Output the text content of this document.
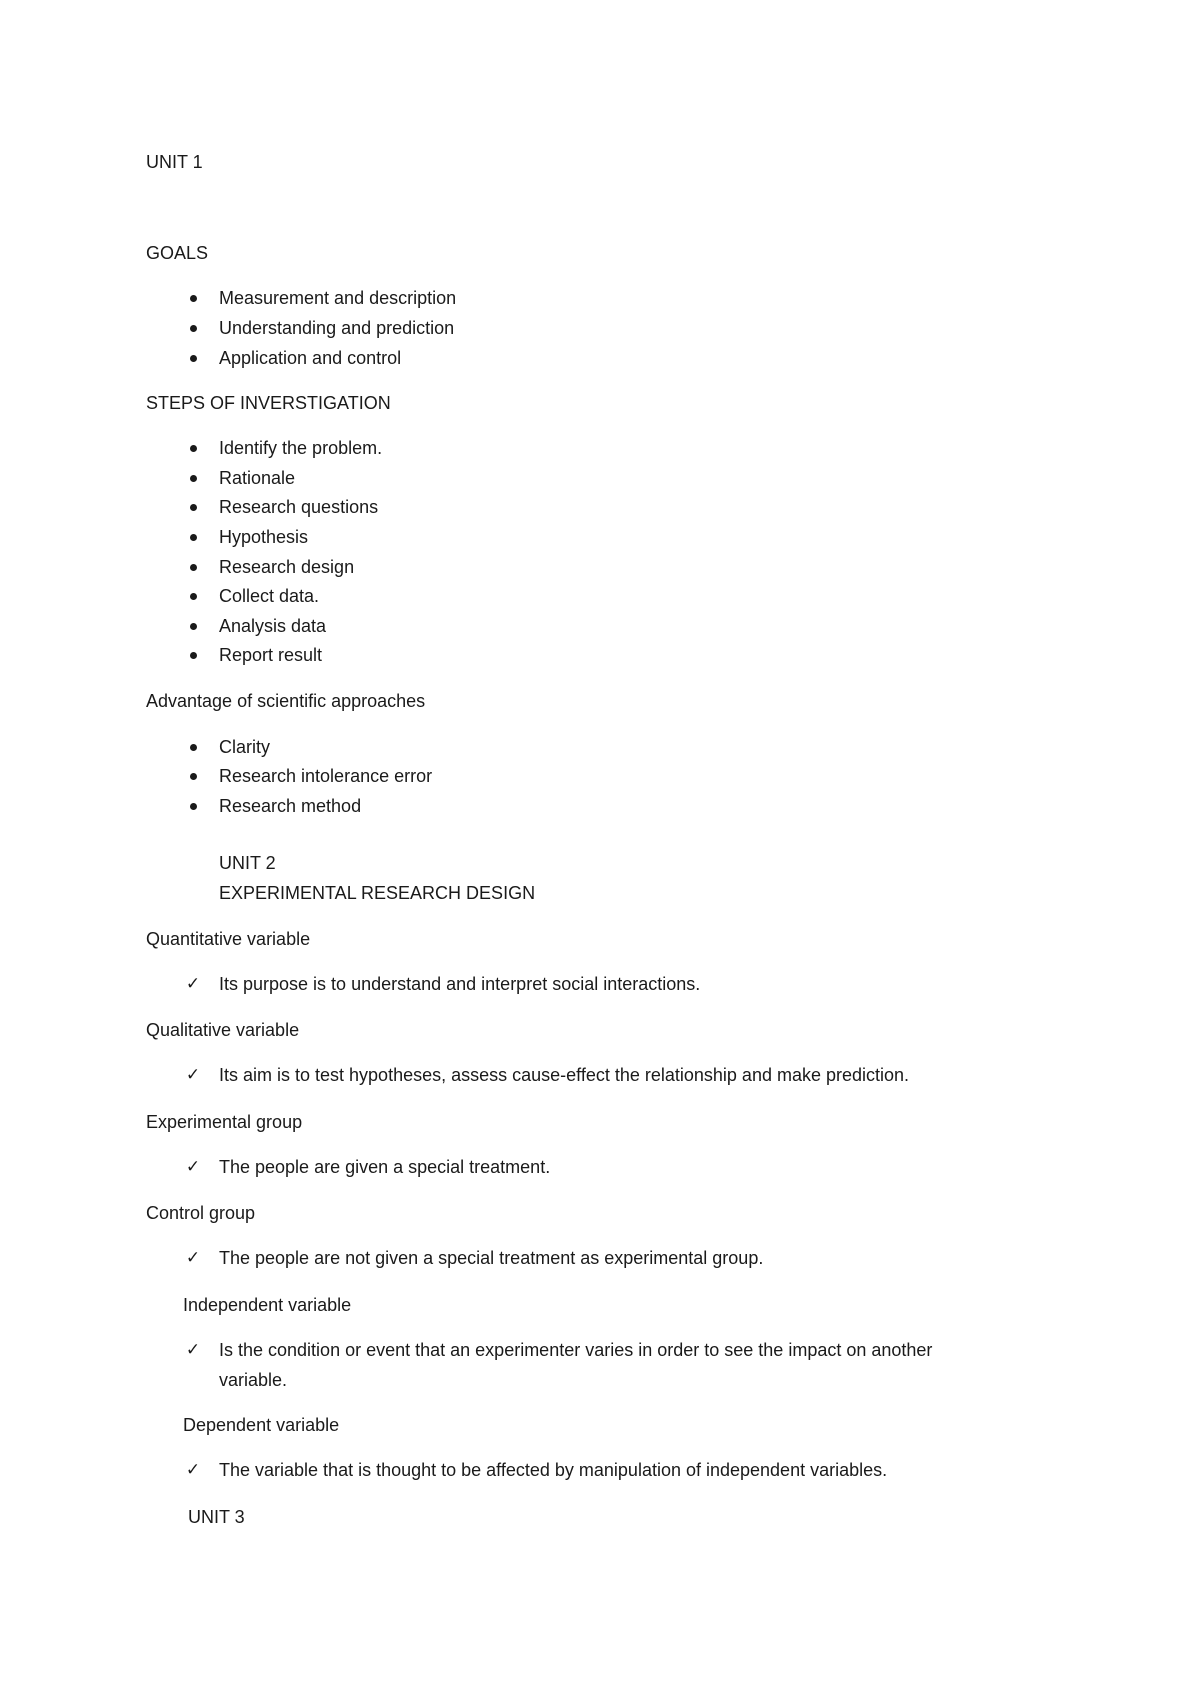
UNIT 1
GOALS
Measurement and description
Understanding and prediction
Application and control
STEPS OF INVERSTIGATION
Identify the problem.
Rationale
Research questions
Hypothesis
Research design
Collect data.
Analysis data
Report result
Advantage of scientific approaches
Clarity
Research intolerance error
Research method
UNIT 2
EXPERIMENTAL RESEARCH DESIGN
Quantitative variable
✓ Its purpose is to understand and interpret social interactions.
Qualitative variable
✓ Its aim is to test hypotheses, assess cause-effect the relationship and make prediction.
Experimental group
✓ The people are given a special treatment.
Control group
✓ The people are not given a special treatment as experimental group.
Independent variable
✓ Is the condition or event that an experimenter varies in order to see the impact on another
variable.
Dependent variable
✓ The variable that is thought to be affected by manipulation of independent variables.
UNIT 3
